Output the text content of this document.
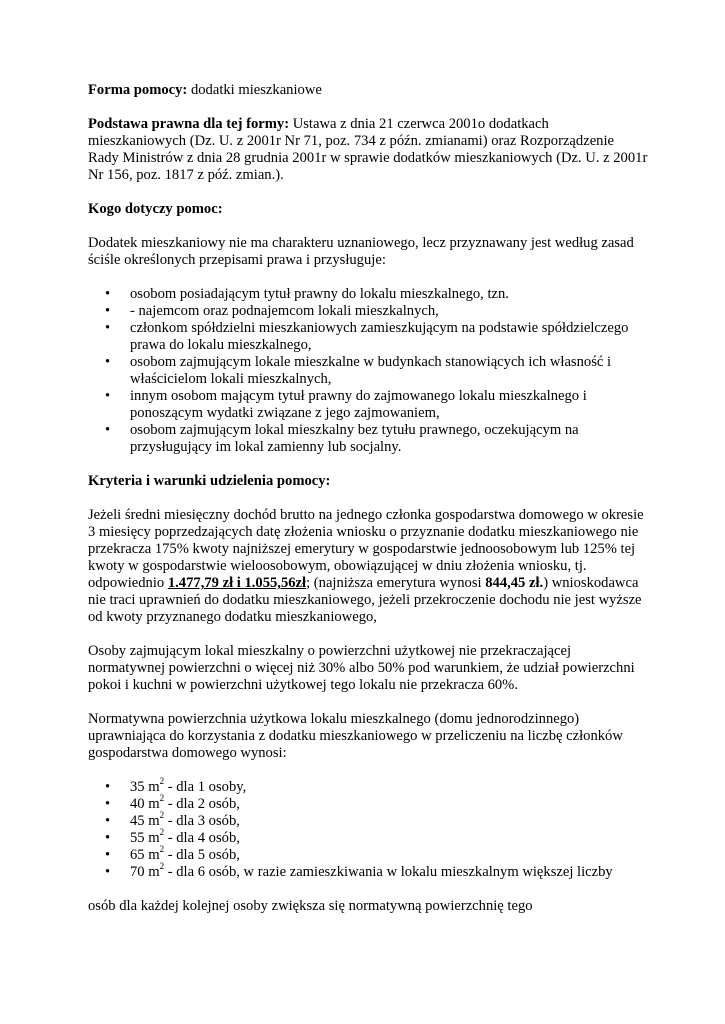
Forma pomocy: dodatki mieszkaniowe

Podstawa prawna dla tej formy: Ustawa z dnia 21 czerwca 2001o dodatkach mieszkaniowych (Dz. U. z 2001r Nr 71, poz. 734 z późn. zmianami) oraz Rozporządzenie Rady Ministrów z dnia 28 grudnia 2001r w sprawie dodatków mieszkaniowych (Dz. U. z 2001r Nr 156, poz. 1817 z póź. zmian.).

Kogo dotyczy pomoc:

Dodatek mieszkaniowy nie ma charakteru uznaniowego, lecz przyznawany jest według zasad ściśle określonych przepisami prawa i przysługuje:

• osobom posiadającym tytuł prawny do lokalu mieszkalnego, tzn.
• - najemcom oraz podnajemcom lokali mieszkalnych,
• członkom spółdzielni mieszkaniowych zamieszkującym na podstawie spółdzielczego prawa do lokalu mieszkalnego,
• osobom zajmującym lokale mieszkalne w budynkach stanowiących ich własność i właścicielom lokali mieszkalnych,
• innym osobom mającym tytuł prawny do zajmowanego lokalu mieszkalnego i ponoszącym wydatki związane z jego zajmowaniem,
• osobom zajmującym lokal mieszkalny bez tytułu prawnego, oczekującym na przysługujący im lokal zamienny lub socjalny.

Kryteria i warunki udzielenia pomocy:

Jeżeli średni miesięczny dochód brutto na jednego członka gospodarstwa domowego w okresie 3 miesięcy poprzedzających datę złożenia wniosku o przyznanie dodatku mieszkaniowego nie przekracza 175% kwoty najniższej emerytury w gospodarstwie jednoosobowym lub 125% tej kwoty w gospodarstwie wieloosobowym, obowiązującej w dniu złożenia wniosku, tj. odpowiednio 1.477,79 zł i 1.055,56zł; (najniższa emerytura wynosi 844,45 zł.) wnioskodawca nie traci uprawnień do dodatku mieszkaniowego, jeżeli przekroczenie dochodu nie jest wyższe od kwoty przyznanego dodatku mieszkaniowego,

Osoby zajmującym lokal mieszkalny o powierzchni użytkowej nie przekraczającej normatywnej powierzchni o więcej niż 30% albo 50% pod warunkiem, że udział powierzchni pokoi i kuchni w powierzchni użytkowej tego lokalu nie przekracza 60%.

Normatywna powierzchnia użytkowa lokalu mieszkalnego (domu jednorodzinnego) uprawniająca do korzystania z dodatku mieszkaniowego w przeliczeniu na liczbę członków gospodarstwa domowego wynosi:

• 35 $m^2$ - dla 1 osoby,
• 40 $m^2$ - dla 2 osób,
• 45 $m^2$ - dla 3 osób,
• 55 $m^2$ - dla 4 osób,
• 65 $m^2$ - dla 5 osób,
• 70 $m^2$ - dla 6 osób, w razie zamieszkiwania w lokalu mieszkalnym większej liczby

osób dla każdej kolejnej osoby zwiększa się normatywną powierzchnię tego
